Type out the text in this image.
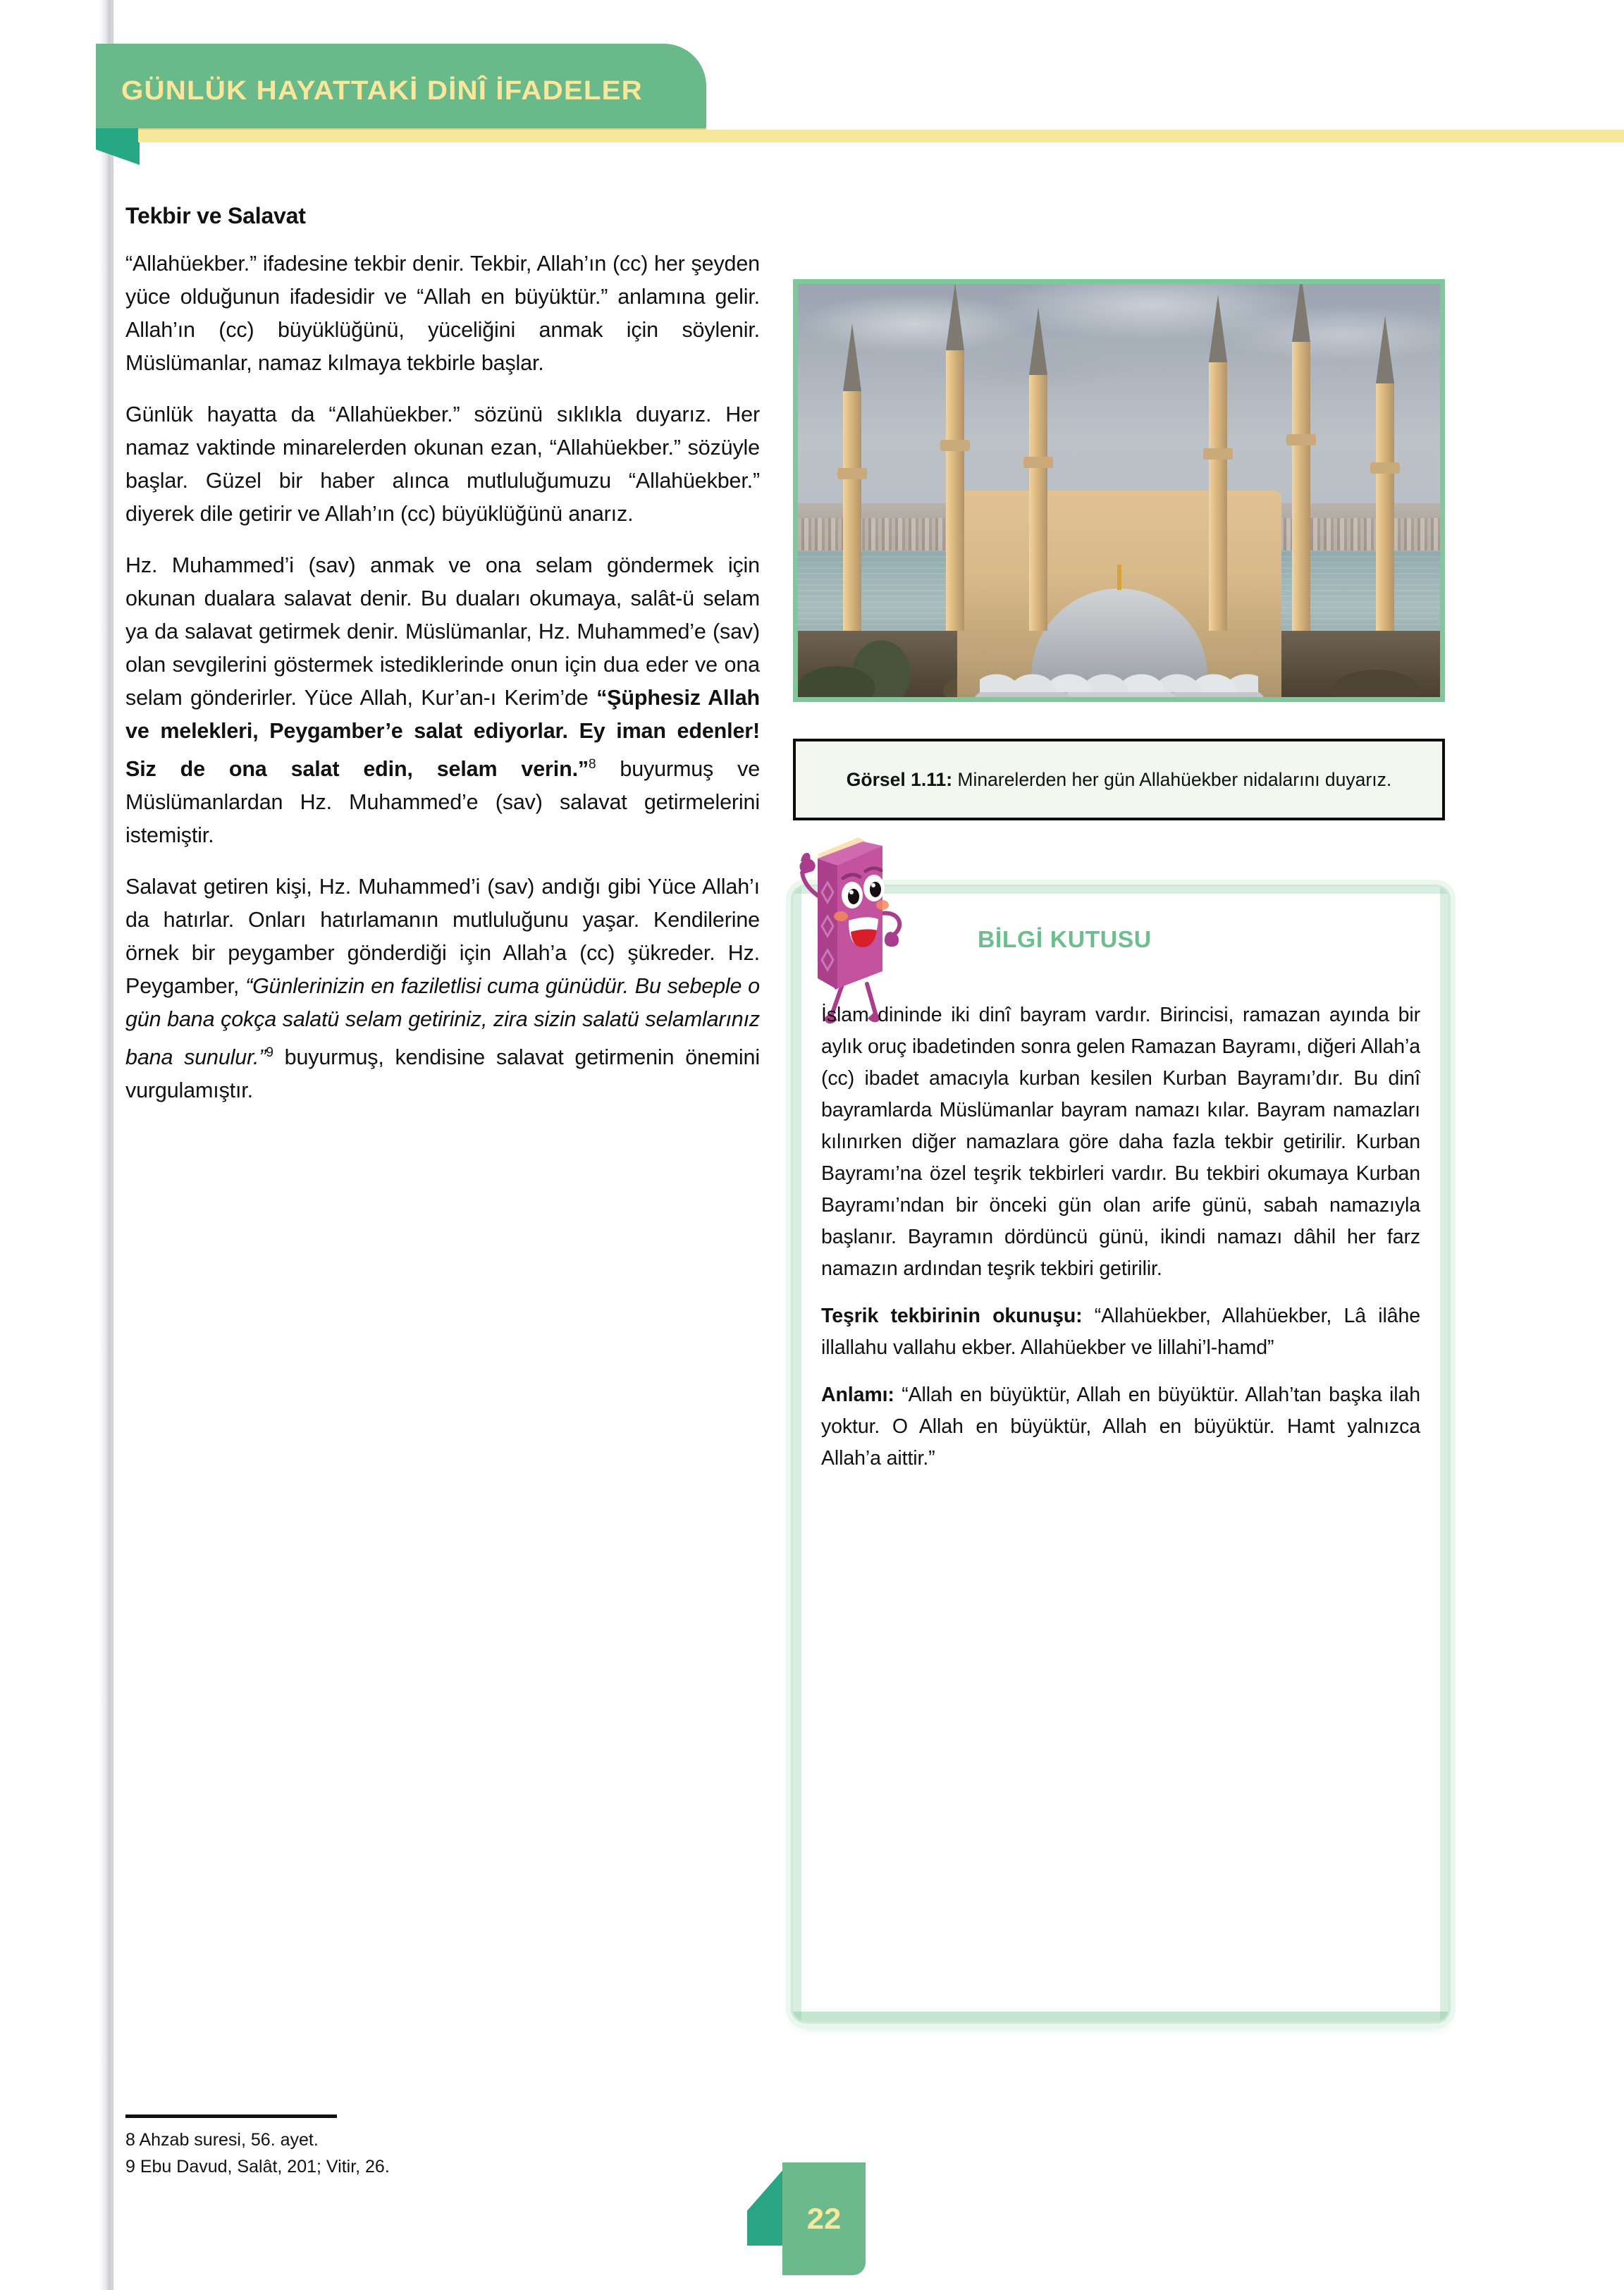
GÜNLÜK HAYATTAKİ DİNÎ İFADELER
Tekbir ve Salavat

“Allahüekber.” ifadesine tekbir denir. Tekbir, Allah’ın (cc) her şeyden yüce olduğunun ifadesidir ve “Allah en büyüktür.” anlamına gelir. Allah’ın (cc) büyüklüğünü, yüceliğini anmak için söylenir. Müslümanlar, namaz kılmaya tekbirle başlar.

Günlük hayatta da “Allahüekber.” sözünü sıklıkla duyarız. Her namaz vaktinde minarelerden okunan ezan, “Allahüekber.” sözüyle başlar. Güzel bir haber alınca mutluluğumuzu “Allahüekber.” diyerek dile getirir ve Allah’ın (cc) büyüklüğünü anarız.

Hz. Muhammed’i (sav) anmak ve ona selam göndermek için okunan dualara salavat denir. Bu duaları okumaya, salât-ü selam ya da salavat getirmek denir. Müslümanlar, Hz. Muhammed’e (sav) olan sevgilerini göstermek istediklerinde onun için dua eder ve ona selam gönderirler. Yüce Allah, Kur’an-ı Kerim’de “Şüphesiz Allah ve melekleri, Peygamber’e salat ediyorlar. Ey iman edenler! Siz de ona salat edin, selam verin.”$^8$ buyurmuş ve Müslümanlardan Hz. Muhammed’e (sav) salavat getirmelerini istemiştir.

Salavat getiren kişi, Hz. Muhammed’i (sav) andığı gibi Yüce Allah’ı da hatırlar. Onları hatırlamanın mutluluğunu yaşar. Kendilerine örnek bir peygamber gönderdiği için Allah’a (cc) şükreder. Hz. Peygamber, “Günlerinizin en faziletlisi cuma günüdür. Bu sebeple o gün bana çokça salatü selam getiriniz, zira sizin salatü selamlarınız bana sunulur.”$^9$ buyurmuş, kendisine salavat getirmenin önemini vurgulamıştır.

Görsel 1.11: Minarelerden her gün Allahüekber nidalarını duyarız.
BİLGİ KUTUSU

İslam dininde iki dinî bayram vardır. Birincisi, ramazan ayında bir aylık oruç ibadetinden sonra gelen Ramazan Bayramı, diğeri Allah’a (cc) ibadet amacıyla kurban kesilen Kurban Bayramı’dır. Bu dinî bayramlarda Müslümanlar bayram namazı kılar. Bayram namazları kılınırken diğer namazlara göre daha fazla tekbir getirilir. Kurban Bayramı’na özel teşrik tekbirleri vardır. Bu tekbiri okumaya Kurban Bayramı’ndan bir önceki gün olan arife günü, sabah namazıyla başlanır. Bayramın dördüncü günü, ikindi namazı dâhil her farz namazın ardından teşrik tekbiri getirilir.

Teşrik tekbirinin okunuşu: “Allahüekber, Allahüekber, Lâ ilâhe illallahu vallahu ekber. Allahüekber ve lillahi’l-hamd”

Anlamı: “Allah en büyüktür, Allah en büyüktür. Allah’tan başka ilah yoktur. O Allah en büyüktür, Allah en büyüktür. Hamt yalnızca Allah’a aittir.”

8 Ahzab suresi, 56. ayet.
9 Ebu Davud, Salât, 201; Vitir, 26.
22
